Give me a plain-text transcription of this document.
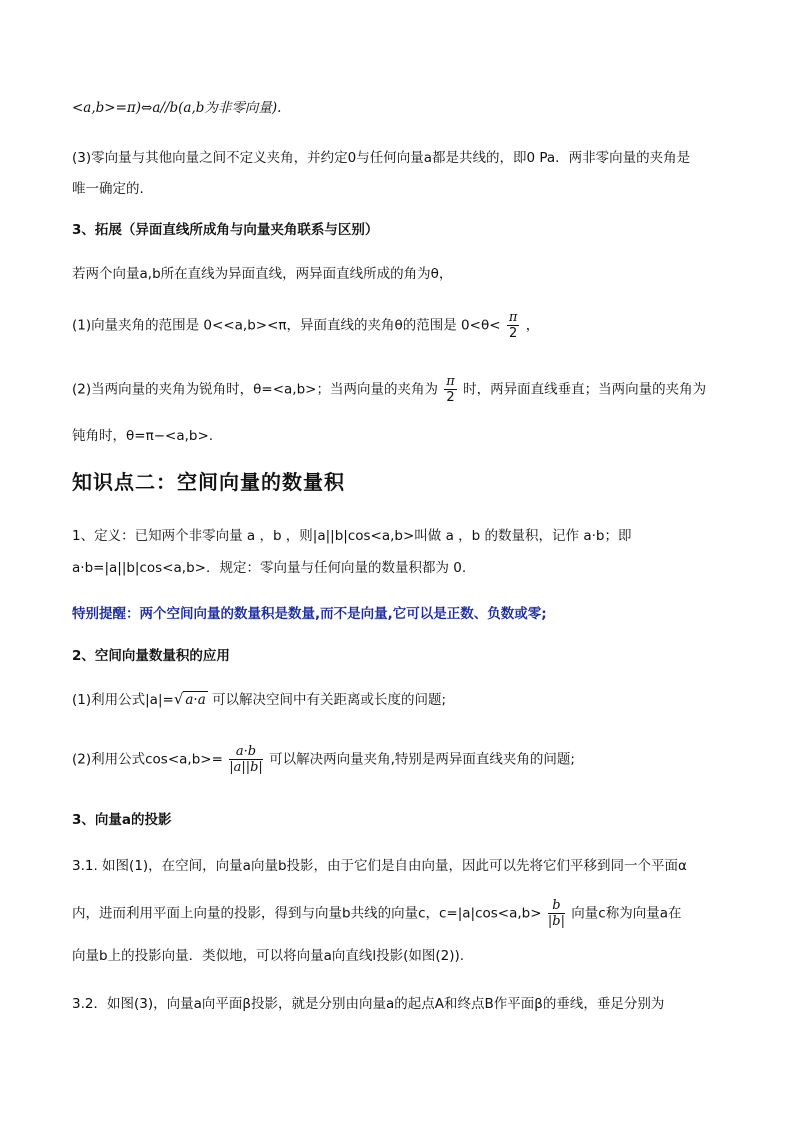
<a,b>=π)⇔a//b(a,b为非零向量).
(3)零向量与其他向量之间不定义夹角，并约定0与任何向量a都是共线的，即0 Pa．两非零向量的夹角是
唯一确定的.
3、拓展（异面直线所成角与向量夹角联系与区别）
若两个向量a,b所在直线为异面直线，两异面直线所成的角为θ，
(1)向量夹角的范围是 0<<a,b><π，异面直线的夹角θ的范围是 $0<\theta< \frac{\pi}{2}$ ，
(2)当两向量的夹角为锐角时，θ=<a,b>；当两向量的夹角为 $\frac{\pi}{2}$ 时，两异面直线垂直；当两向量的夹角为
钝角时，θ=π−<a,b>.
知识点二：空间向量的数量积
1、定义：已知两个非零向量 a ，b ，则|a||b|cos<a,b>叫做 a ，b 的数量积，记作 a·b；即
a·b=|a||b|cos<a,b>．规定：零向量与任何向量的数量积都为 0.
特别提醒：两个空间向量的数量积是数量,而不是向量,它可以是正数、负数或零;
2、空间向量数量积的应用
(1)利用公式|a|=√ a·a 可以解决空间中有关距离或长度的问题;
(2)利用公式$\cos<a,b>= \frac{a\cdot b}{|a||b|}$ 可以解决两向量夹角,特别是两异面直线夹角的问题;
3、向量a的投影
3.1. 如图(1)，在空间，向量a向量b投影，由于它们是自由向量，因此可以先将它们平移到同一个平面α
内，进而利用平面上向量的投影，得到与向量b共线的向量c，$c=|a|\cos<a,b> \frac{b}{|b|}$ 向量c称为向量a在
向量b上的投影向量．类似地，可以将向量a向直线l投影(如图(2)).
3.2．如图(3)，向量a向平面β投影，就是分别由向量a的起点A和终点B作平面β的垂线，垂足分别为
